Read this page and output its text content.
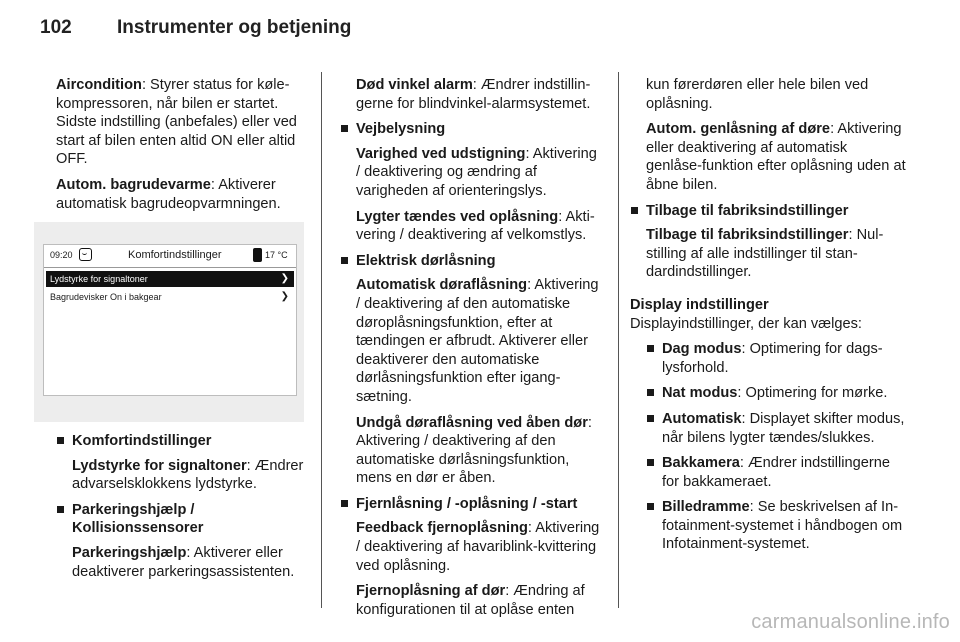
102 Instrumenter og betjening

Aircondition: Styrer status for kølekompressoren, når bilen er startet. Sidste indstilling (anbefales) eller ved start af bilen enten altid ON eller altid OFF.

Autom. bagrudevarme: Aktiverer automatisk bagrudeopvarmningen.

09:20	Komfortindstillinger	17 °C
Lydstyrke for signaltoner	❯
Bagrudevisker On i bakgear	❯
Komfortindstillinger

Lydstyrke for signaltoner: Ændrer advarselsklokkens lydstyrke.

Parkeringshjælp / Kollisionssensorer

Parkeringshjælp: Aktiverer eller deaktiverer parkeringsassistenten.

Død vinkel alarm: Ændrer indstillingerne for blindvinkel-alarmsystemet.

Vejbelysning

Varighed ved udstigning: Aktivering / deaktivering og ændring af varigheden af orienteringslys.

Lygter tændes ved oplåsning: Aktivering / deaktivering af velkomstlys.

Elektrisk dørlåsning

Automatisk døraflåsning: Aktivering / deaktivering af den automatiske døroplåsningsfunktion, efter at tændingen er afbrudt. Aktiverer eller deaktiverer den automatiske dørlåsningsfunktion efter igangsætning.

Undgå døraflåsning ved åben dør: Aktivering / deaktivering af den automatiske dørlåsningsfunktion, mens en dør er åben.

Fjernlåsning / -oplåsning / -start

Feedback fjernoplåsning: Aktivering / deaktivering af havariblink-kvittering ved oplåsning.

Fjernoplåsning af dør: Ændring af konfigurationen til at oplåse enten

kun førerdøren eller hele bilen ved oplåsning.

Autom. genlåsning af døre: Aktivering eller deaktivering af automatisk genlåse-funktion efter oplåsning uden at åbne bilen.

Tilbage til fabriksindstillinger

Tilbage til fabriksindstillinger: Nulstilling af alle indstillinger til standardindstillinger.

Display indstillinger

Displayindstillinger, der kan vælges:

Dag modus: Optimering for dagslysforhold.
Nat modus: Optimering for mørke.
Automatisk: Displayet skifter modus, når bilens lygter tændes/slukkes.
Bakkamera: Ændrer indstillingerne for bakkameraet.
Billedramme: Se beskrivelsen af Infotainment-systemet i håndbogen om Infotainment-systemet.
carmanualsonline.info
